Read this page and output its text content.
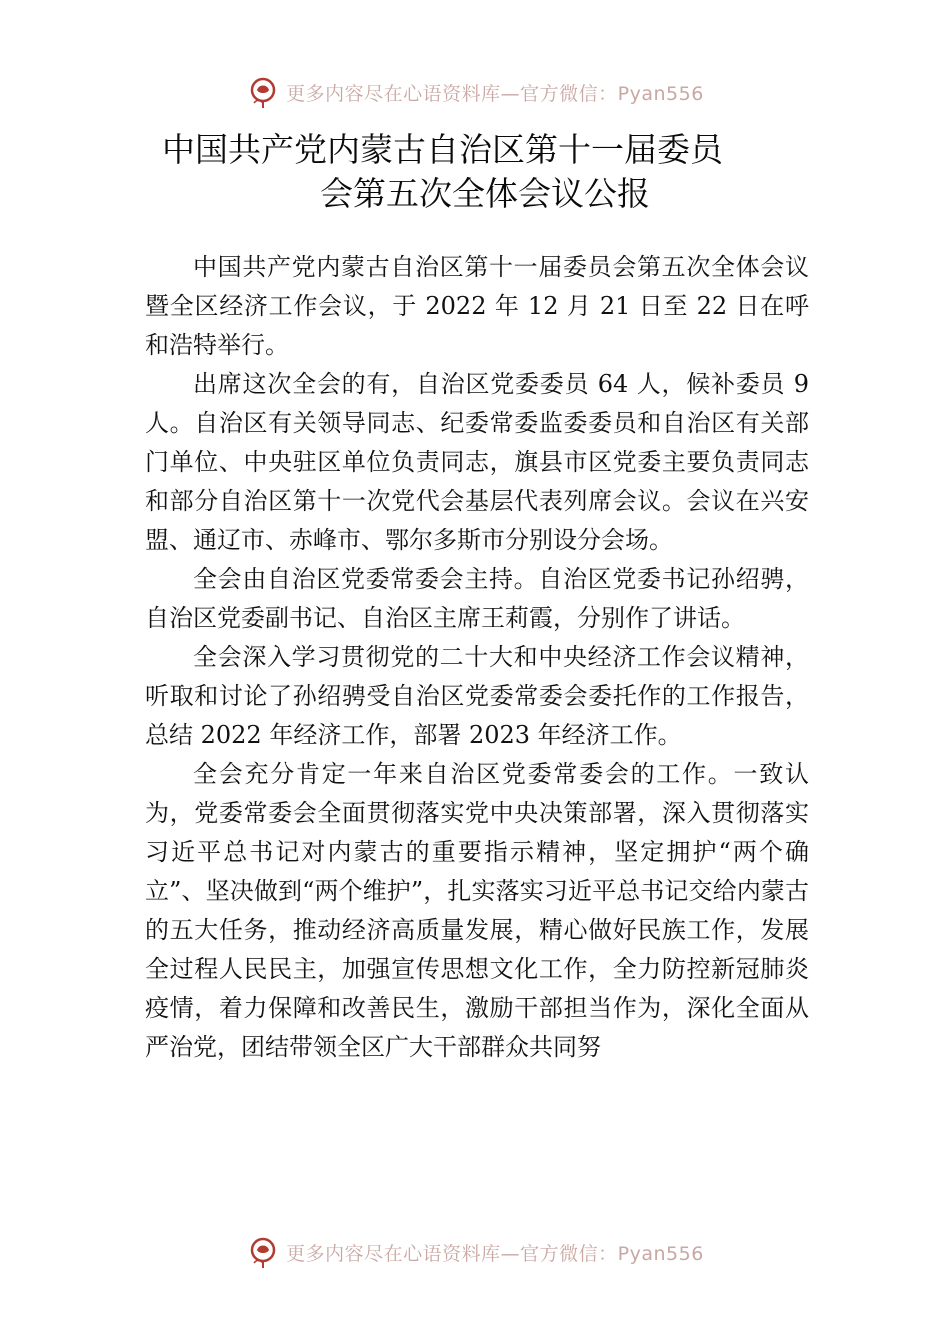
更多内容尽在心语资料库—官方微信：Pyan556
中国共产党内蒙古自治区第十一届委员
会第五次全体会议公报

中国共产党内蒙古自治区第十一届委员会第五次全体会议暨全区经济工作会议，于 2022 年 12 月 21 日至 22 日在呼和浩特举行。

出席这次全会的有，自治区党委委员 64 人，候补委员 9 人。自治区有关领导同志、纪委常委监委委员和自治区有关部门单位、中央驻区单位负责同志，旗县市区党委主要负责同志和部分自治区第十一次党代会基层代表列席会议。会议在兴安盟、通辽市、赤峰市、鄂尔多斯市分别设分会场。

全会由自治区党委常委会主持。自治区党委书记孙绍骋，自治区党委副书记、自治区主席王莉霞，分别作了讲话。

全会深入学习贯彻党的二十大和中央经济工作会议精神，听取和讨论了孙绍骋受自治区党委常委会委托作的工作报告，总结 2022 年经济工作，部署 2023 年经济工作。

全会充分肯定一年来自治区党委常委会的工作。一致认为，党委常委会全面贯彻落实党中央决策部署，深入贯彻落实习近平总书记对内蒙古的重要指示精神，坚定拥护“两个确立”、坚决做到“两个维护”，扎实落实习近平总书记交给内蒙古的五大任务，推动经济高质量发展，精心做好民族工作，发展全过程人民民主，加强宣传思想文化工作，全力防控新冠肺炎疫情，着力保障和改善民生，激励干部担当作为，深化全面从严治党，团结带领全区广大干部群众共同努

更多内容尽在心语资料库—官方微信：Pyan556
